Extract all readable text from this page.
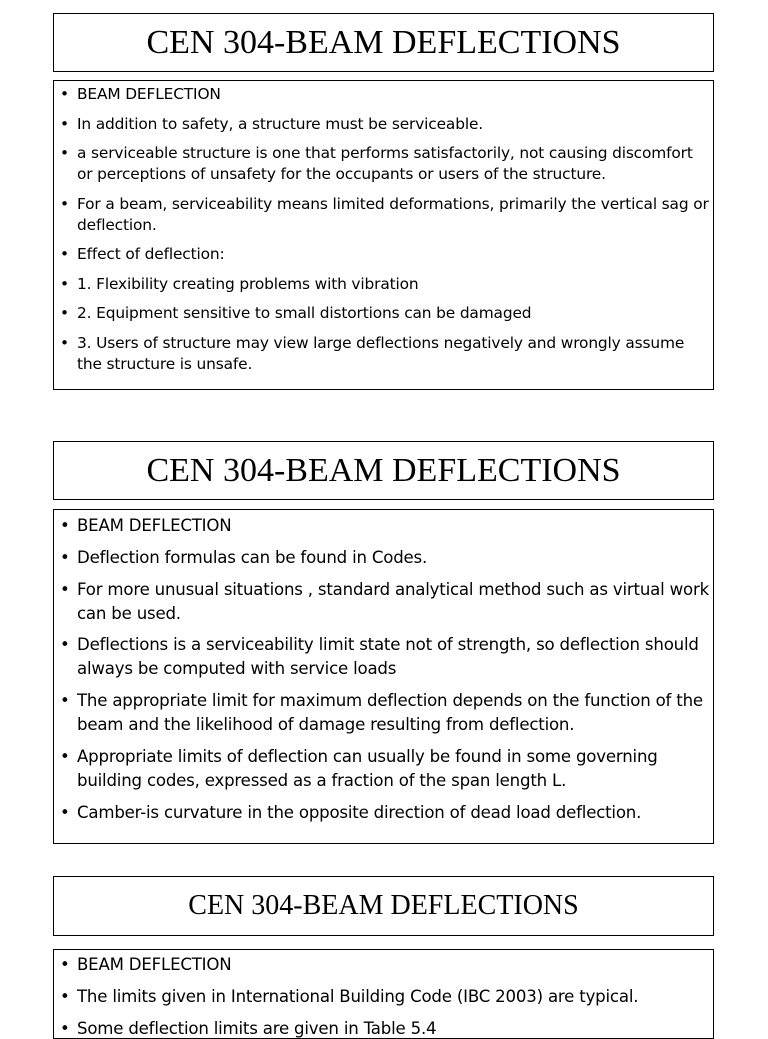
CEN 304-BEAM DEFLECTIONS
• BEAM DEFLECTION
• In addition to safety, a structure must be serviceable.
• a serviceable structure is one that performs satisfactorily, not causing discomfort or perceptions of unsafety for the occupants or users of the structure.
• For a beam, serviceability means limited deformations, primarily the vertical sag or deflection.
• Effect of deflection:
• 1. Flexibility creating problems with vibration
• 2. Equipment sensitive to small distortions can be damaged
• 3. Users of structure may view large deflections negatively and wrongly assume the structure is unsafe.
CEN 304-BEAM DEFLECTIONS
• BEAM DEFLECTION
• Deflection formulas can be found in Codes.
• For more unusual situations , standard analytical method such as virtual work can be used.
• Deflections is a serviceability limit state not of strength, so deflection should always be computed with service loads
• The appropriate limit for maximum deflection depends on the function of the beam and the likelihood of damage resulting from deflection.
• Appropriate limits of deflection can usually be found in some governing building codes, expressed as a fraction of the span length L.
• Camber-is curvature in the opposite direction of dead load deflection.
CEN 304-BEAM DEFLECTIONS
• BEAM DEFLECTION
• The limits given in International Building Code (IBC 2003) are typical.
• Some deflection limits are given in Table 5.4
